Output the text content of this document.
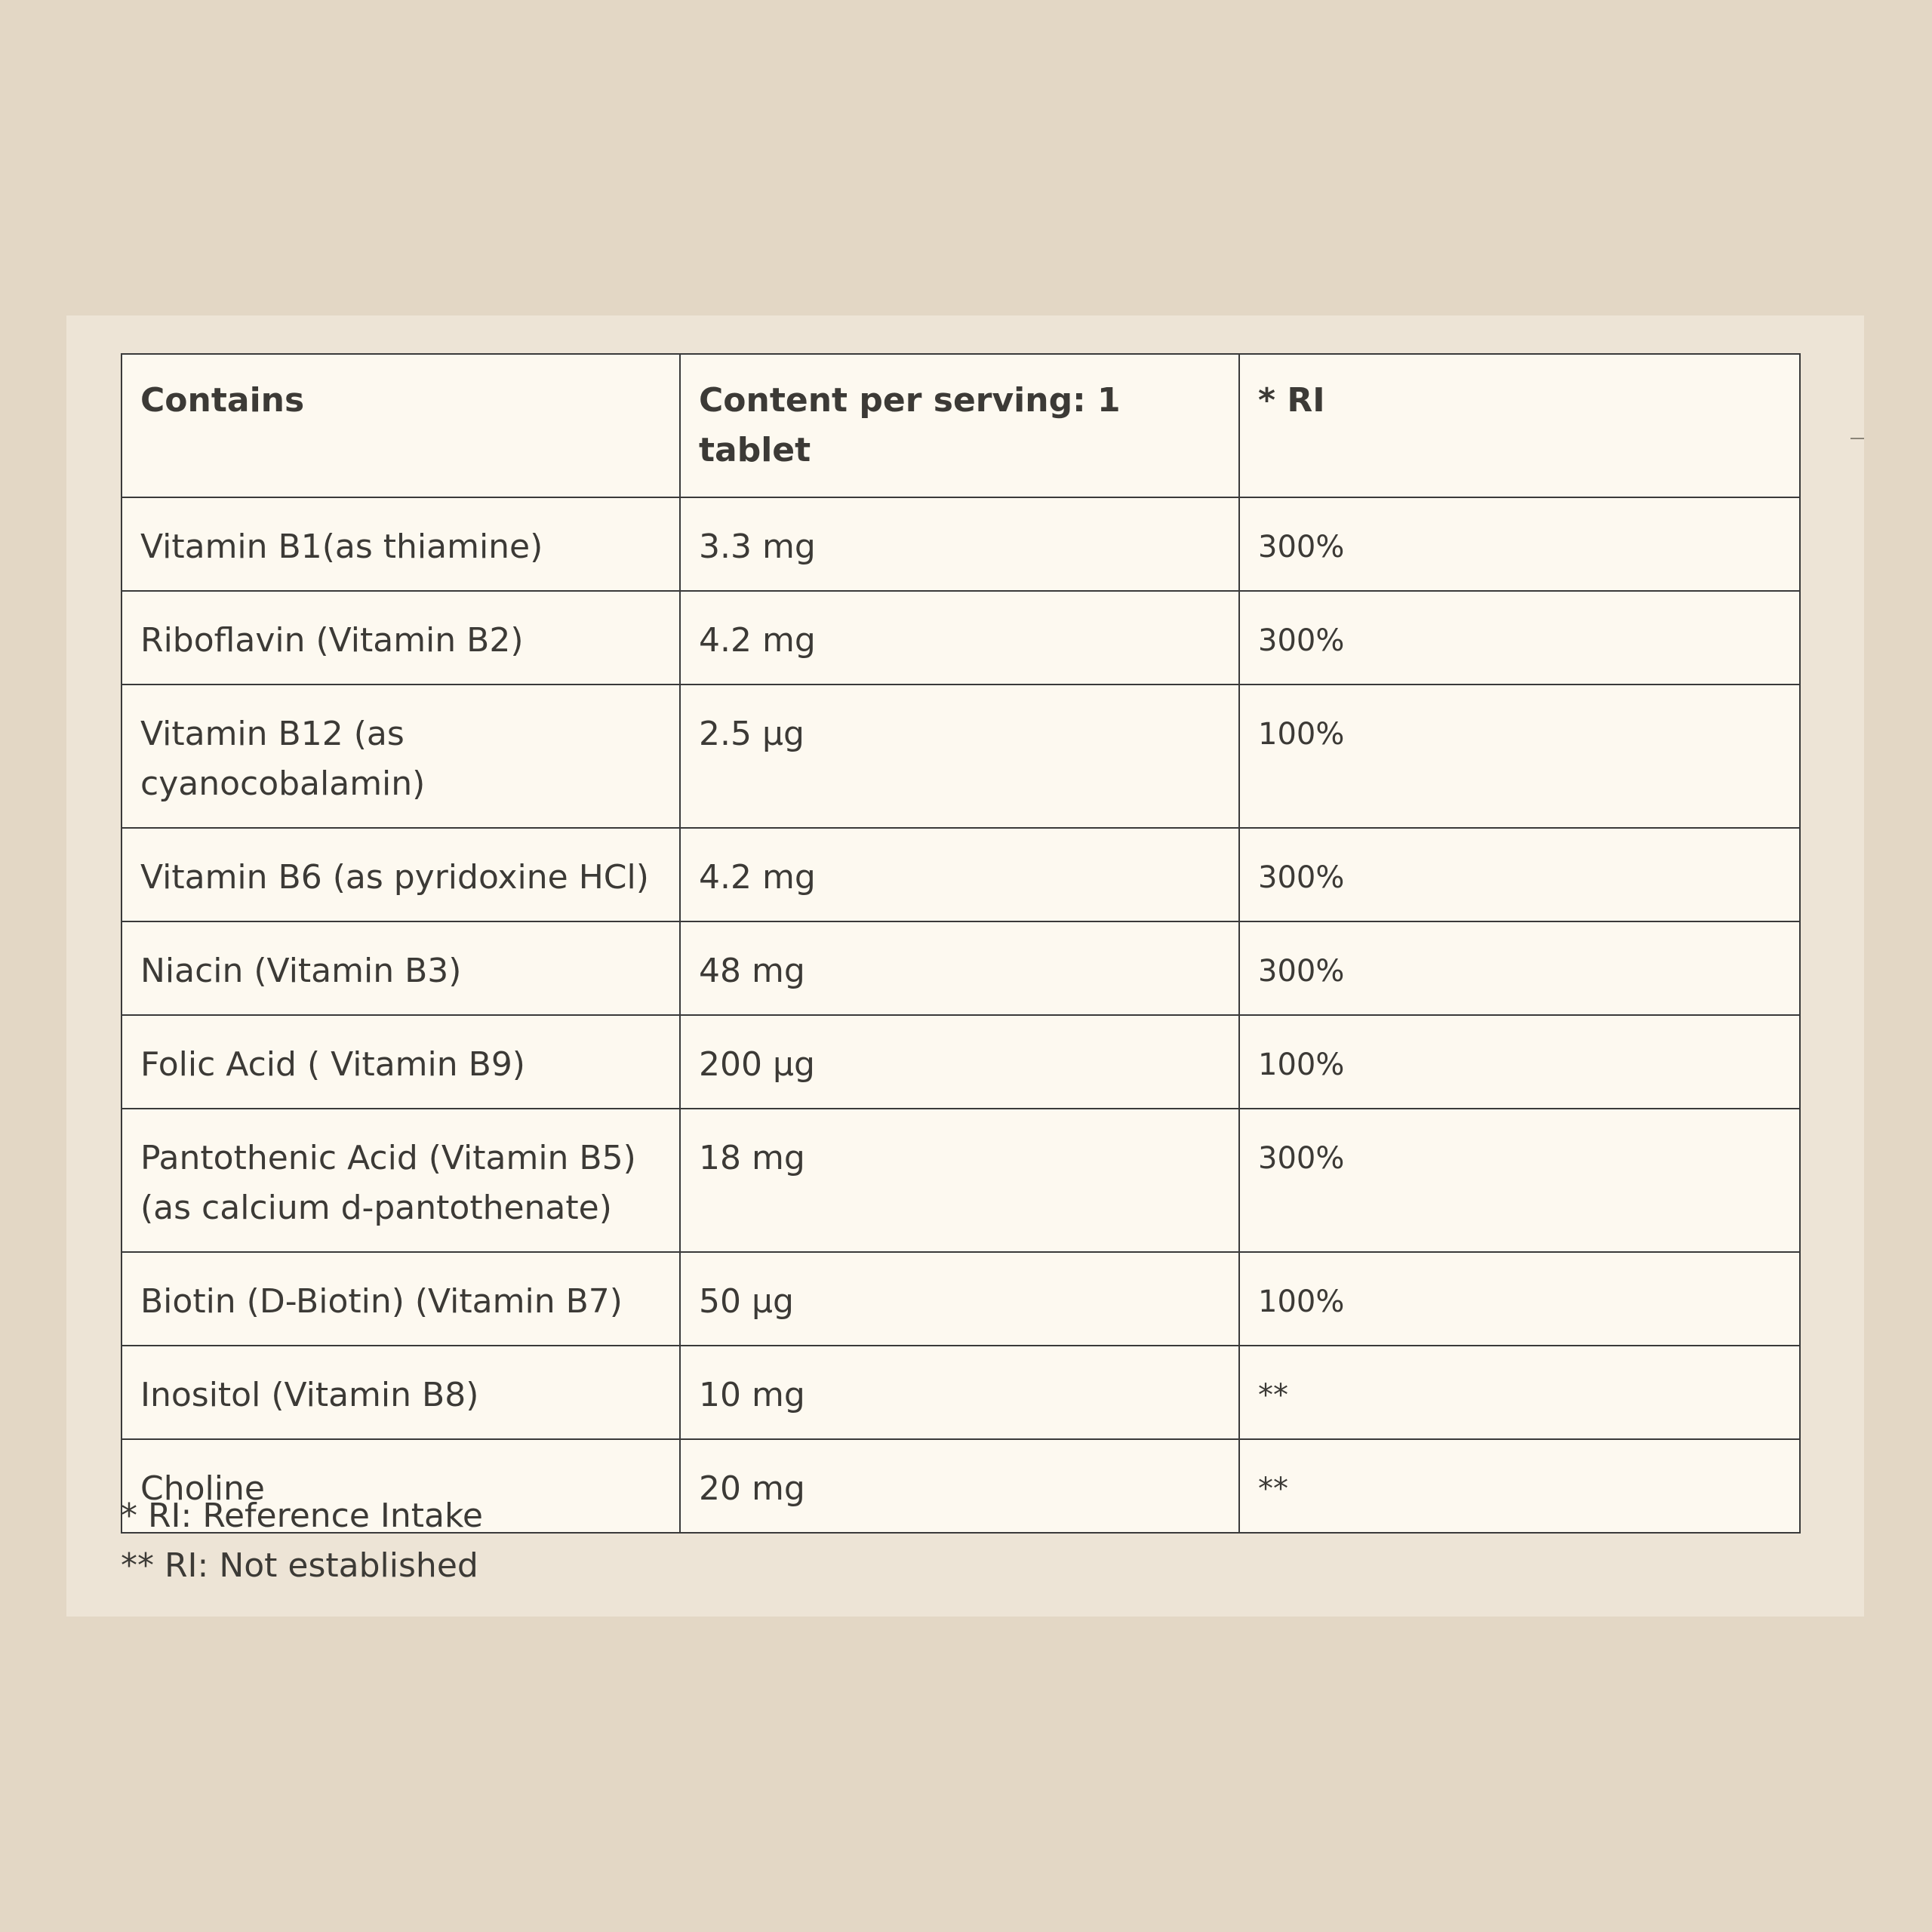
Contains	Content per serving: 1 tablet	* RI
Vitamin B1(as thiamine)	3.3 mg	300%
Riboflavin (Vitamin B2)	4.2 mg	300%
Vitamin B12 (as cyanocobalamin)	2.5 µg	100%
Vitamin B6 (as pyridoxine HCl)	4.2 mg	300%
Niacin (Vitamin B3)	48 mg	300%
Folic Acid ( Vitamin B9)	200 µg	100%
Pantothenic Acid (Vitamin B5) (as calcium d-pantothenate)	18 mg	300%
Biotin (D-Biotin) (Vitamin B7)	50 µg	100%
Inositol (Vitamin B8)	10 mg	**
Choline	20 mg	**
* RI: Reference Intake
** RI: Not established
